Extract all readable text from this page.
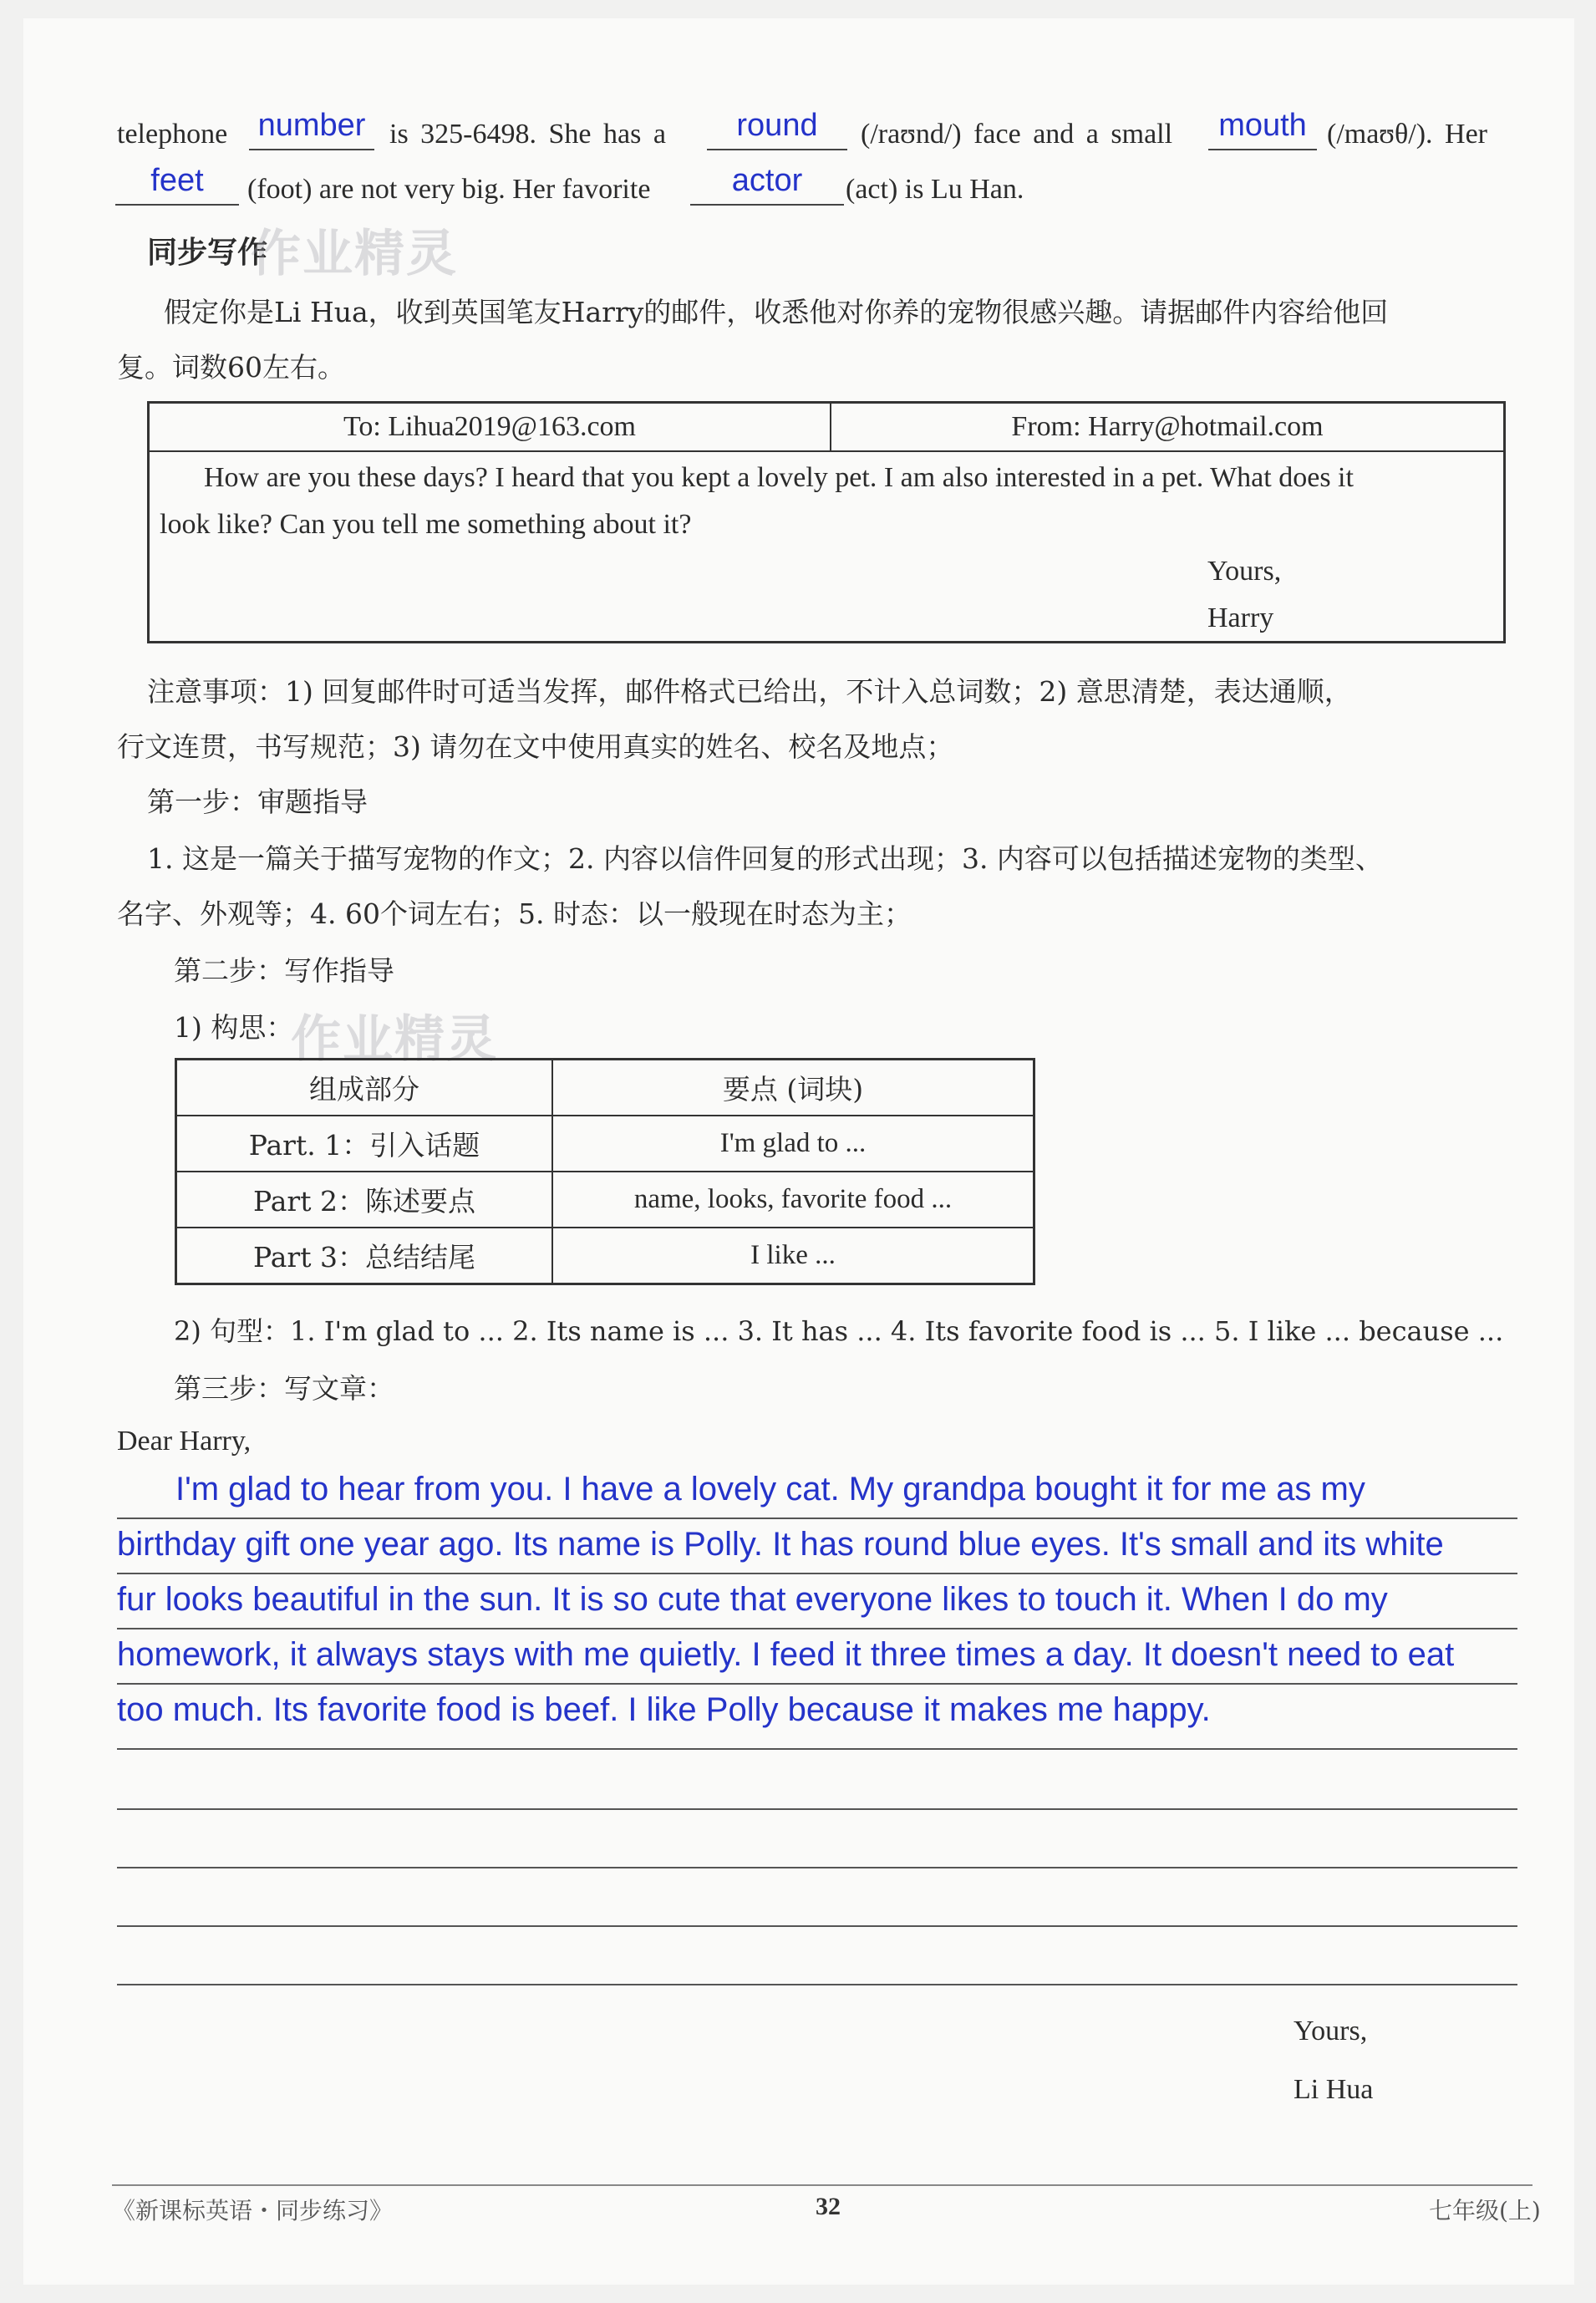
telephone number is 325-6498. She has a	round	(/raʊnd/) face and a small	mouth (/maʊθ/). Her
feet	(foot) are not very big. Her favorite	actor	(act) is Lu Han.
同步写作
作业精灵
假定你是Li Hua，收到英国笔友Harry的邮件，收悉他对你养的宠物很感兴趣。请据邮件内容给他回
复。词数60左右。
To: Lihua2019@163.com	From: Harry@hotmail.com

How are you these days? I heard that you kept a lovely pet. I am also interested in a pet. What does it
look like? Can you tell me something about it?
Yours,
Harry
注意事项：1) 回复邮件时可适当发挥，邮件格式已给出，不计入总词数；2) 意思清楚，表达通顺，
行文连贯，书写规范；3) 请勿在文中使用真实的姓名、校名及地点；
第一步：审题指导
1. 这是一篇关于描写宠物的作文；2. 内容以信件回复的形式出现；3. 内容可以包括描述宠物的类型、
名字、外观等；4. 60个词左右；5. 时态：以一般现在时态为主；
第二步：写作指导
1) 构思：
作业精灵
组成部分	要点 (词块)
Part. 1：引入话题	I'm glad to ...
Part 2：陈述要点	name, looks, favorite food ...
Part 3：总结结尾	I like ...
2) 句型：1. I'm glad to ... 2. Its name is ... 3. It has ... 4. Its favorite food is ... 5. I like ... because ...
第三步：写文章：
Dear Harry,
I'm glad to hear from you. I have a lovely cat. My grandpa bought it for me as my
birthday gift one year ago. Its name is Polly. It has round blue eyes. It's small and its white
fur looks beautiful in the sun. It is so cute that everyone likes to touch it. When I do my
homework, it always stays with me quietly. I feed it three times a day. It doesn't need to eat
too much. Its favorite food is beef. I like Polly because it makes me happy.
Yours,
Li Hua
《新课标英语・同步练习》	32	七年级(上)
